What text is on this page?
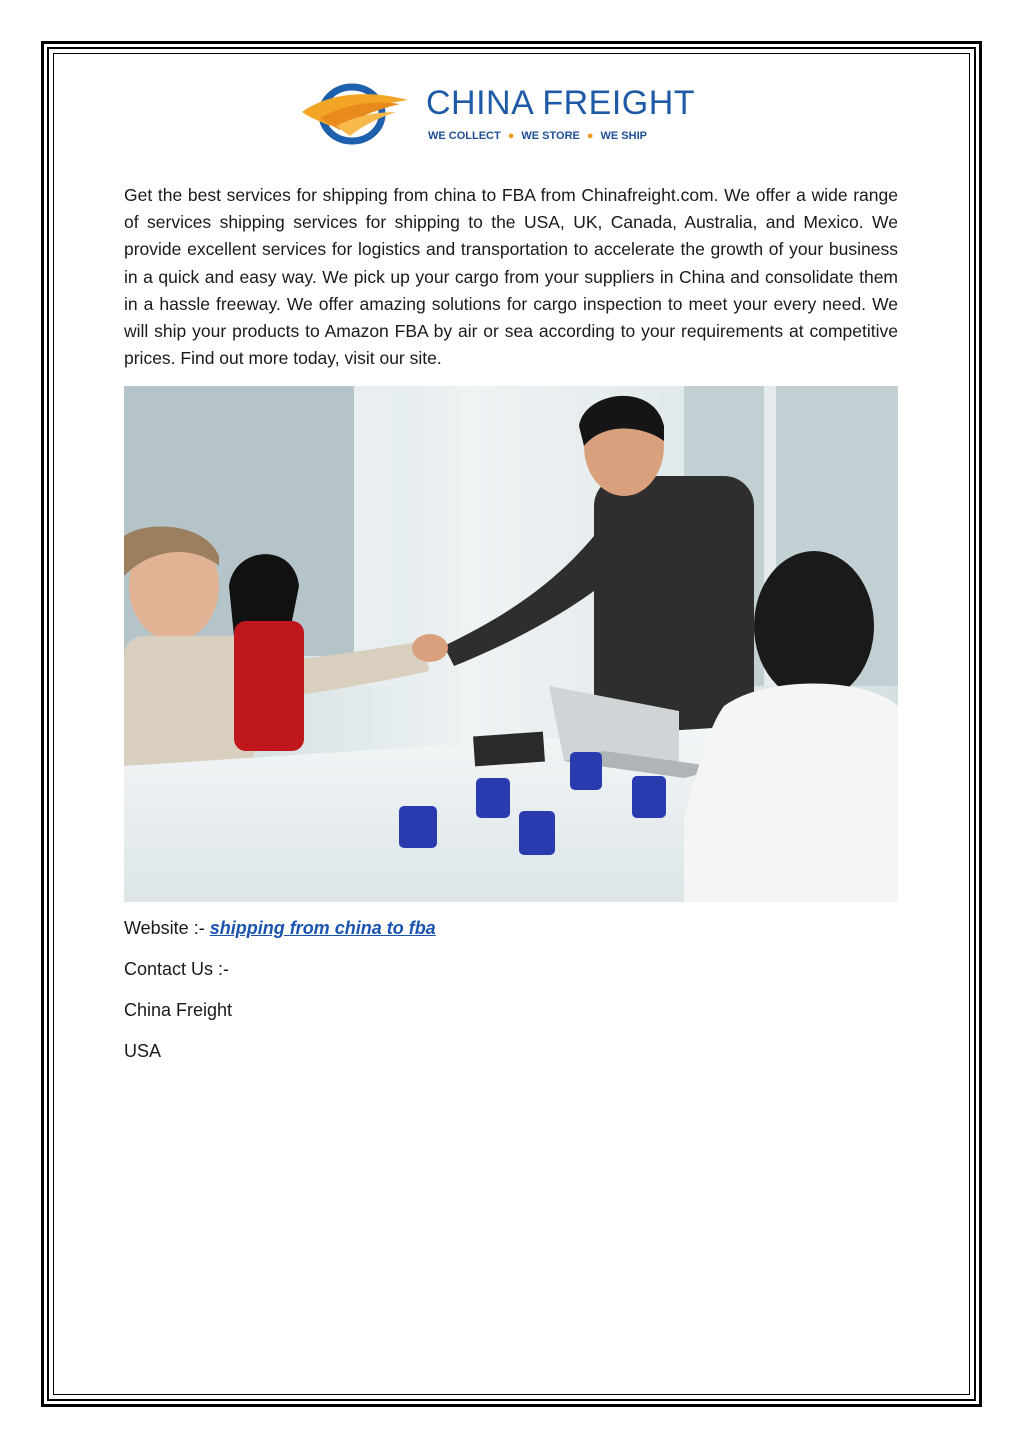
CHINA FREIGHT
WE COLLECT ● WE STORE ● WE SHIP

Get the best services for shipping from china to FBA from Chinafreight.com. We offer a wide range of services shipping services for shipping to the USA, UK, Canada, Australia, and Mexico. We provide excellent services for logistics and transportation to accelerate the growth of your business in a quick and easy way. We pick up your cargo from your suppliers in China and consolidate them in a hassle freeway. We offer amazing solutions for cargo inspection to meet your every need. We will ship your products to Amazon FBA by air or sea according to your requirements at competitive prices. Find out more today, visit our site.

Website :- shipping from china to fba

Contact Us :-

China Freight

USA
